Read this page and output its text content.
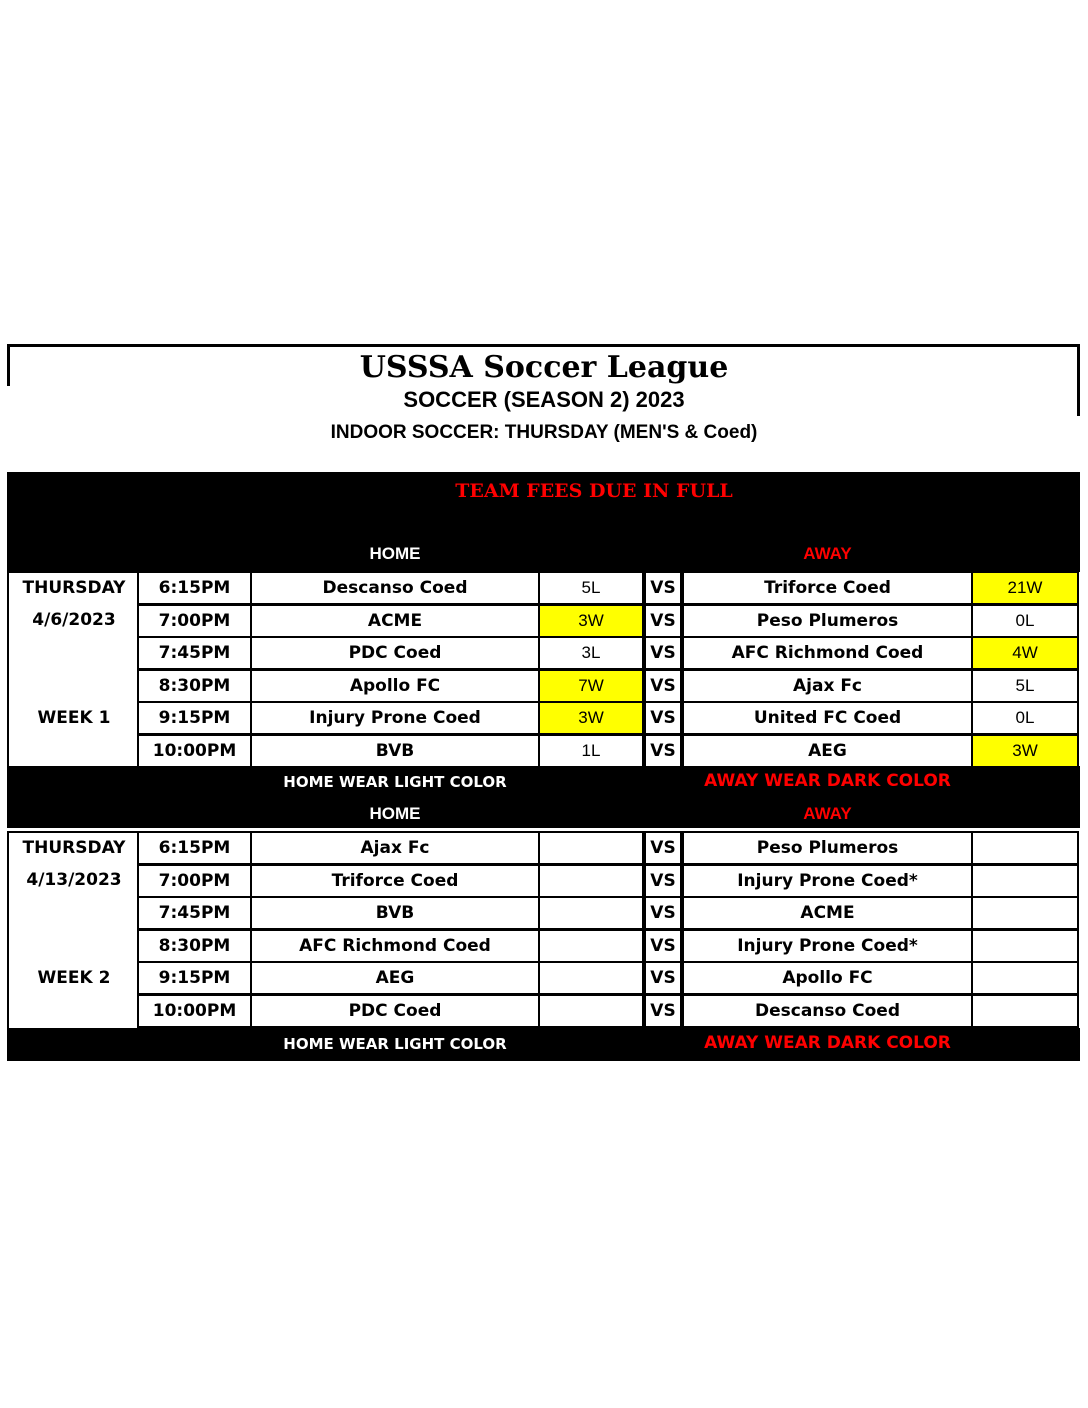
USSSA Soccer League
SOCCER (SEASON 2) 2023
INDOOR SOCCER: THURSDAY (MEN'S & Coed)
TEAM FEES DUE IN FULL
HOME	AWAY
6:15PM	Descanso Coed	5L	VS	Triforce Coed	21W
7:00PM	ACME	3W	VS	Peso Plumeros	0L
7:45PM	PDC Coed	3L	VS	AFC Richmond Coed	4W
8:30PM	Apollo FC	7W	VS	Ajax Fc	5L
9:15PM	Injury Prone Coed	3W	VS	United FC Coed	0L
10:00PM	BVB	1L	VS	AEG	3W
THURSDAY
4/6/2023
WEEK 1
HOME WEAR LIGHT COLOR	AWAY WEAR DARK COLOR
HOME	AWAY
6:15PM	Ajax Fc	VS	Peso Plumeros
7:00PM	Triforce Coed	VS	Injury Prone Coed*
7:45PM	BVB	VS	ACME
8:30PM	AFC Richmond Coed	VS	Injury Prone Coed*
9:15PM	AEG	VS	Apollo FC
10:00PM	PDC Coed	VS	Descanso Coed
THURSDAY
4/13/2023
WEEK 2
HOME WEAR LIGHT COLOR	AWAY WEAR DARK COLOR
